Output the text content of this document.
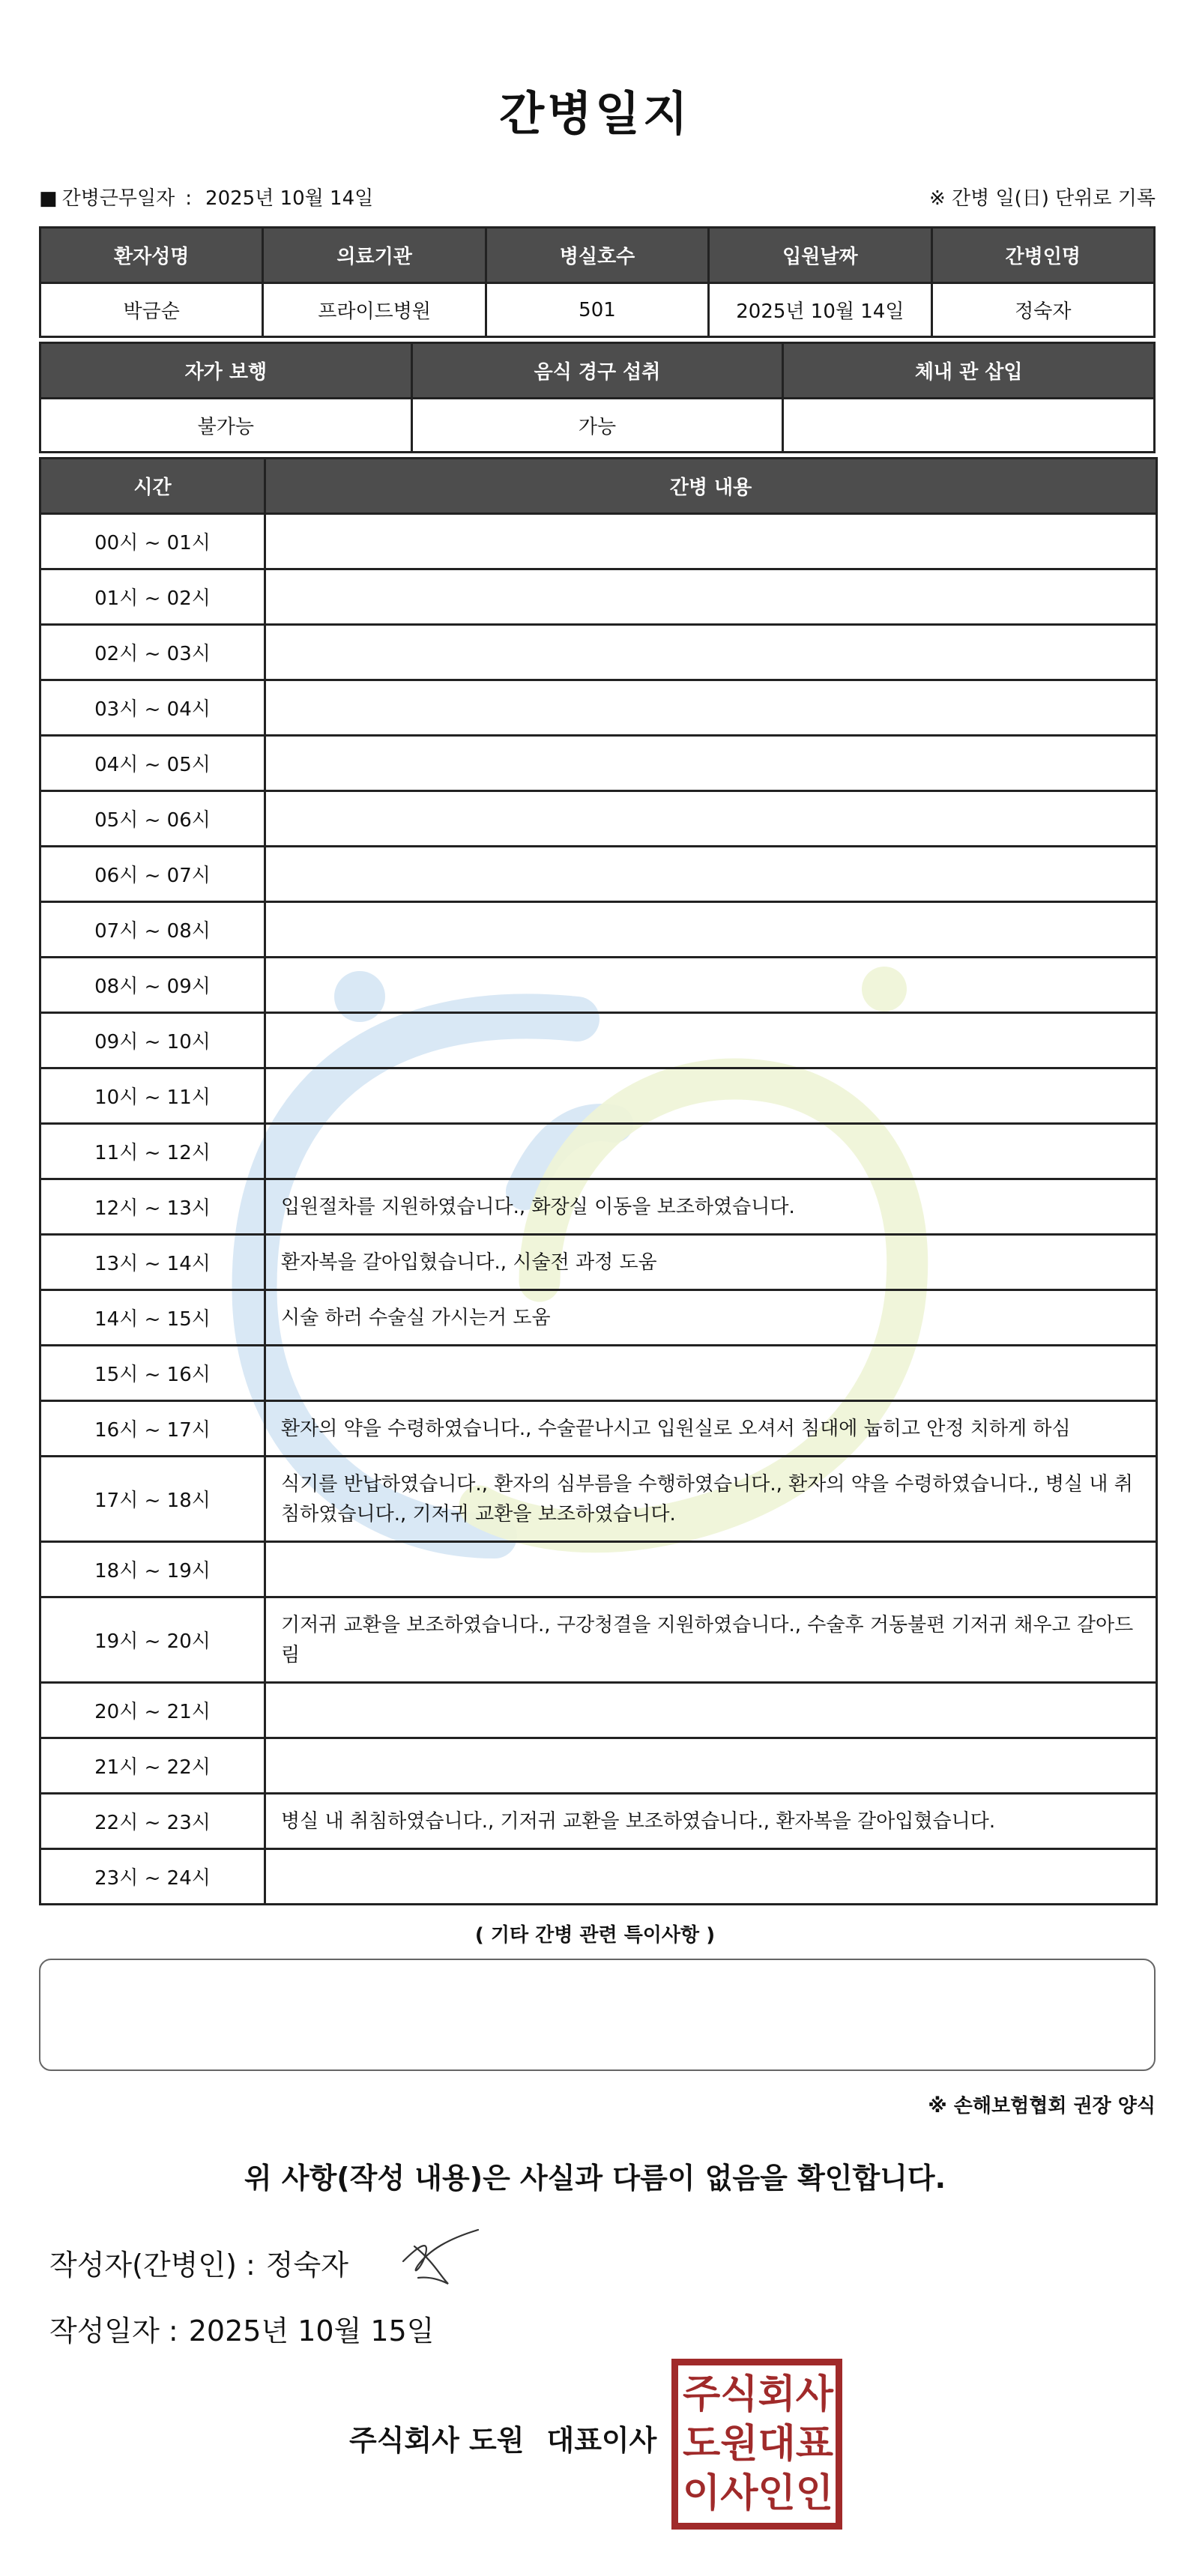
간병일지
■ 간병근무일자 : 2025년 10월 14일	※ 간병 일(日) 단위로 기록
환자성명	의료기관	병실호수	입원날짜	간병인명
박금순	프라이드병원	501	2025년 10월 14일	정숙자
자가 보행	음식 경구 섭취	체내 관 삽입
불가능	가능	
시간	간병 내용
00시 ~ 01시	
01시 ~ 02시	
02시 ~ 03시	
03시 ~ 04시	
04시 ~ 05시	
05시 ~ 06시	
06시 ~ 07시	
07시 ~ 08시	
08시 ~ 09시	
09시 ~ 10시	
10시 ~ 11시	
11시 ~ 12시	
12시 ~ 13시	입원절차를 지원하였습니다., 화장실 이동을 보조하였습니다.
13시 ~ 14시	환자복을 갈아입혔습니다., 시술전 과정 도움
14시 ~ 15시	시술 하러 수술실 가시는거 도움
15시 ~ 16시	
16시 ~ 17시	환자의 약을 수령하였습니다., 수술끝나시고 입원실로 오셔서 침대에 눕히고 안정 치하게 하심
17시 ~ 18시	식기를 반납하였습니다., 환자의 심부름을 수행하였습니다., 환자의 약을 수령하였습니다., 병실 내 취침하였습니다., 기저귀 교환을 보조하였습니다.
18시 ~ 19시	
19시 ~ 20시	기저귀 교환을 보조하였습니다., 구강청결을 지원하였습니다., 수술후 거동불편 기저귀 채우고 갈아드림
20시 ~ 21시	
21시 ~ 22시	
22시 ~ 23시	병실 내 취침하였습니다., 기저귀 교환을 보조하였습니다., 환자복을 갈아입혔습니다.
23시 ~ 24시	
( 기타 간병 관련 특이사항 )
※ 손해보험협회 권장 양식
위 사항(작성 내용)은 사실과 다름이 없음을 확인합니다.
작성자(간병인) : 정숙자
작성일자 : 2025년 10월 15일
주식회사 도원 대표이사
주 식 회 사
도 원 대 표
이 사 인 인
